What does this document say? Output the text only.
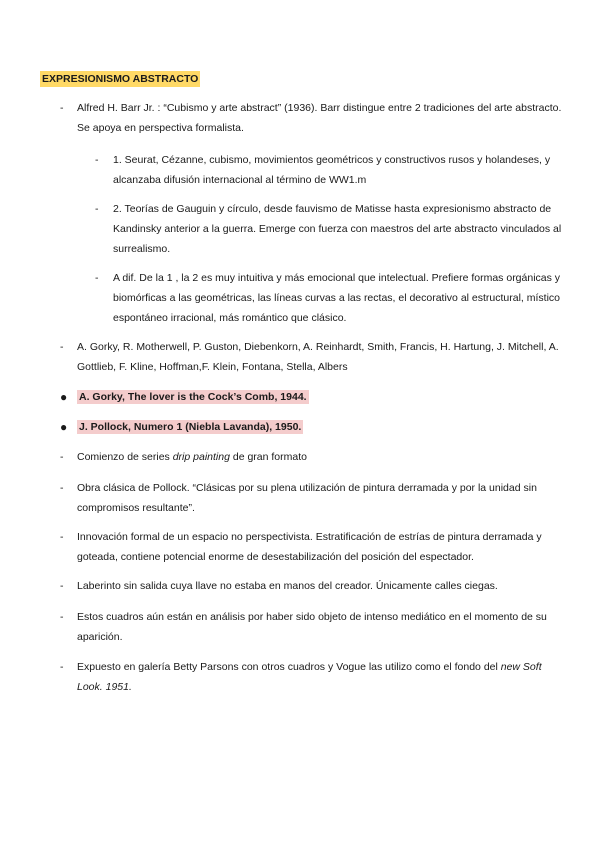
EXPRESIONISMO ABSTRACTO
-	Alfred H. Barr Jr. : “Cubismo y arte abstract” (1936). Barr distingue entre 2 tradiciones del arte abstracto. Se apoya en perspectiva formalista.
- 1. Seurat, Cézanne, cubismo, movimientos geométricos y constructivos rusos y holandeses, y alcanzaba difusión internacional al término de WW1.m
- 2. Teorías de Gauguin y círculo, desde fauvismo de Matisse hasta expresionismo abstracto de Kandinsky anterior a la guerra. Emerge con fuerza con maestros del arte abstracto vinculados al surrealismo.
- A dif. De la 1 , la 2 es muy intuitiva y más emocional que intelectual. Prefiere formas orgánicas y biomórficas a las geométricas, las líneas curvas a las rectas, el decorativo al estructural, místico espontáneo irracional, más romántico que clásico.
-	A. Gorky, R. Motherwell, P. Guston, Diebenkorn, A. Reinhardt, Smith, Francis, H. Hartung, J. Mitchell, A. Gottlieb, F. Kline, Hoffman,F. Klein, Fontana, Stella, Albers
● A. Gorky, The lover is the Cock’s Comb, 1944.
● J. Pollock, Numero 1 (Niebla Lavanda), 1950.
-	Comienzo de series drip painting de gran formato
-	Obra clásica de Pollock. “Clásicas por su plena utilización de pintura derramada y por la unidad sin compromisos resultante”.
-	Innovación formal de un espacio no perspectivista. Estratificación de estrías de pintura derramada y goteada, contiene potencial enorme de desestabilización del posición del espectador.
-	Laberinto sin salida cuya llave no estaba en manos del creador. Únicamente calles ciegas.
-	Estos cuadros aún están en análisis por haber sido objeto de intenso mediático en el momento de su aparición.
-	Expuesto en galería Betty Parsons con otros cuadros y Vogue las utilizo como el fondo del new Soft Look. 1951.
